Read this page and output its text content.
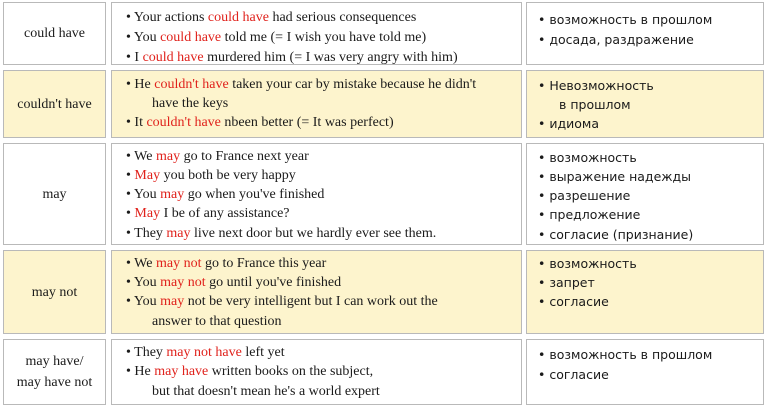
could have
• Your actions could have had serious consequences
• You could have told me (= I wish you have told me)
• I could have murdered him (= I was very angry with him)
• возможность в прошлом
• досада, раздражение
couldn't have
• He couldn't have taken your car by mistake because he didn't
have the keys
• It couldn't have nbeen better (= It was perfect)
• Невозможность
в прошлом
• идиома
may
• We may go to France next year
• May you both be very happy
• You may go when you've finished
• May I be of any assistance?
• They may live next door but we hardly ever see them.
• возможность
• выражение надежды
• разрешение
• предложение
• согласие (признание)
may not
• We may not go to France this year
• You may not go until you've finished
• You may not be very intelligent but I can work out the
answer to that question
• возможность
• запрет
• согласие
may have/
may have not
• They may not have left yet
• He may have written books on the subject,
but that doesn't mean he's a world expert
• возможность в прошлом
• согласие
